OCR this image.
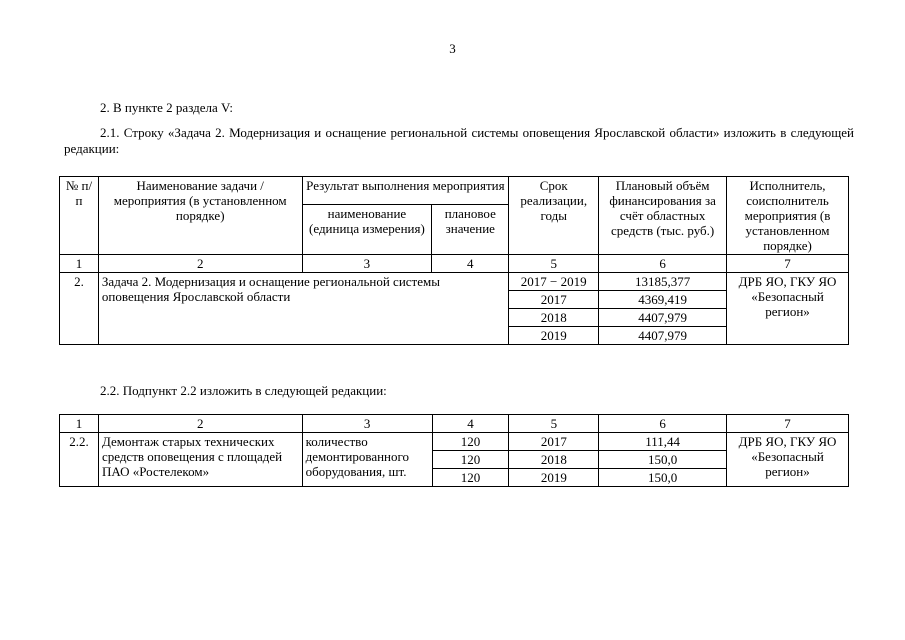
3
2. В пункте 2 раздела V:
2.1. Строку «Задача 2. Модернизация и оснащение региональной системы оповещения Ярославской области» изложить в следующей редакции:
№ п/п	Наименование задачи / мероприятия (в установленном порядке)	Результат выполнения мероприятия		Срок реализации, годы	Плановый объём финансирования за счёт областных средств (тыс. руб.)	Исполнитель, соисполнитель мероприятия (в установленном порядке)
		наименование (единица измерения)	плановое значение			
1	2	3	4	5	6	7
2.	Задача 2. Модернизация и оснащение региональной системы оповещения Ярославской области			2017 − 2019	13185,377	ДРБ ЯО, ГКУ ЯО «Безопасный регион»
				2017	4369,419	
				2018	4407,979	
				2019	4407,979	
2.2. Подпункт 2.2 изложить в следующей редакции:
1	2	3	4	5	6	7
2.2.	Демонтаж старых технических средств оповещения с площадей ПАО «Ростелеком»	количество демонтированного оборудования, шт.	120	2017	111,44	ДРБ ЯО, ГКУ ЯО «Безопасный регион»
			120	2018	150,0	
			120	2019	150,0	
